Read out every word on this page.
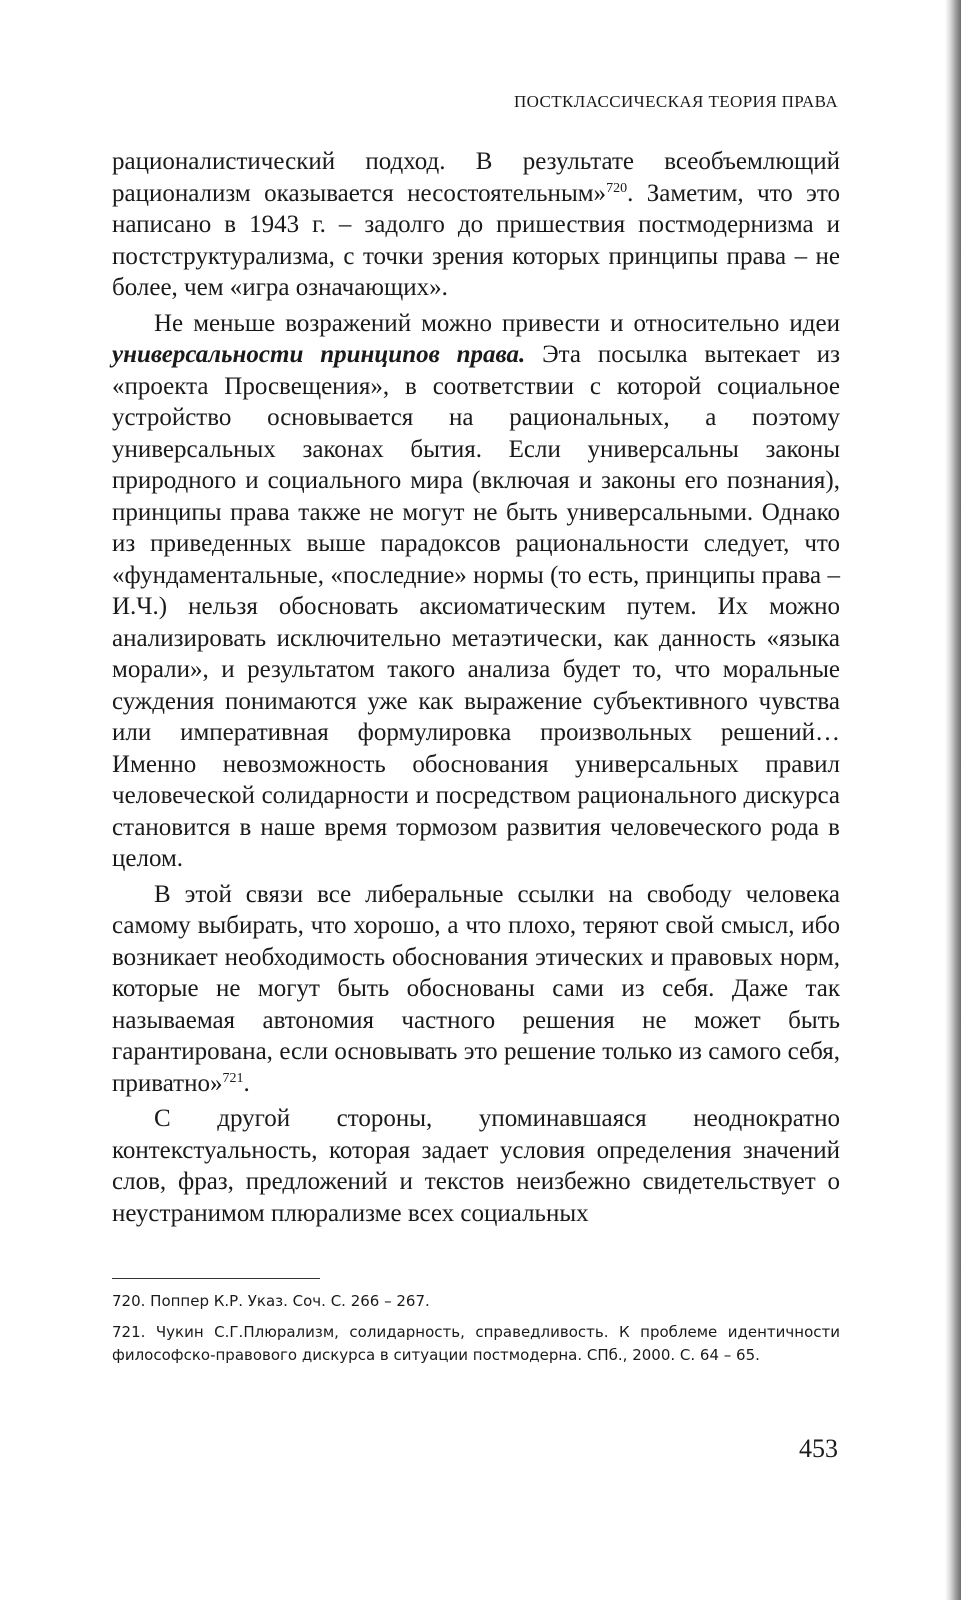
ПОСТКЛАССИЧЕСКАЯ ТЕОРИЯ ПРАВА

рационалистический подход. В результате всеобъемлющий рационализм оказывается несостоятельным»$^{720}$. Заметим, что это написано в 1943 г. – задолго до пришествия постмодернизма и постструктурализма, с точки зрения которых принципы права – не более, чем «игра означающих».

Не меньше возражений можно привести и относительно идеи универсальности принципов права. Эта посылка вытекает из «проекта Просвещения», в соответствии с которой социальное устройство основывается на рациональных, а поэтому универсальных законах бытия. Если универсальны законы природного и социального мира (включая и законы его познания), принципы права также не могут не быть универсальными. Однако из приведенных выше парадоксов рациональности следует, что «фундаментальные, «последние» нормы (то есть, принципы права – И.Ч.) нельзя обосновать аксиоматическим путем. Их можно анализировать исключительно метаэтически, как данность «языка морали», и результатом такого анализа будет то, что моральные суждения понимаются уже как выражение субъективного чувства или императивная формулировка произвольных решений… Именно невозможность обоснования универсальных правил человеческой солидарности и посредством рационального дискурса становится в наше время тормозом развития человеческого рода в целом.

В этой связи все либеральные ссылки на свободу человека самому выбирать, что хорошо, а что плохо, теряют свой смысл, ибо возникает необходимость обоснования этических и правовых норм, которые не могут быть обоснованы сами из себя. Даже так называемая автономия частного решения не может быть гарантирована, если основывать это решение только из самого себя, приватно»$^{721}$.

С другой стороны, упоминавшаяся неоднократно контекстуальность, которая задает условия определения значений слов, фраз, предложений и текстов неизбежно свидетельствует о неустранимом плюрализме всех социальных

720. Поппер К.Р. Указ. Соч. С. 266 – 267.

721. Чукин С.Г.Плюрализм, солидарность, справедливость. К проблеме идентичности философско-правового дискурса в ситуации постмодерна. СПб., 2000. С. 64 – 65.

453
